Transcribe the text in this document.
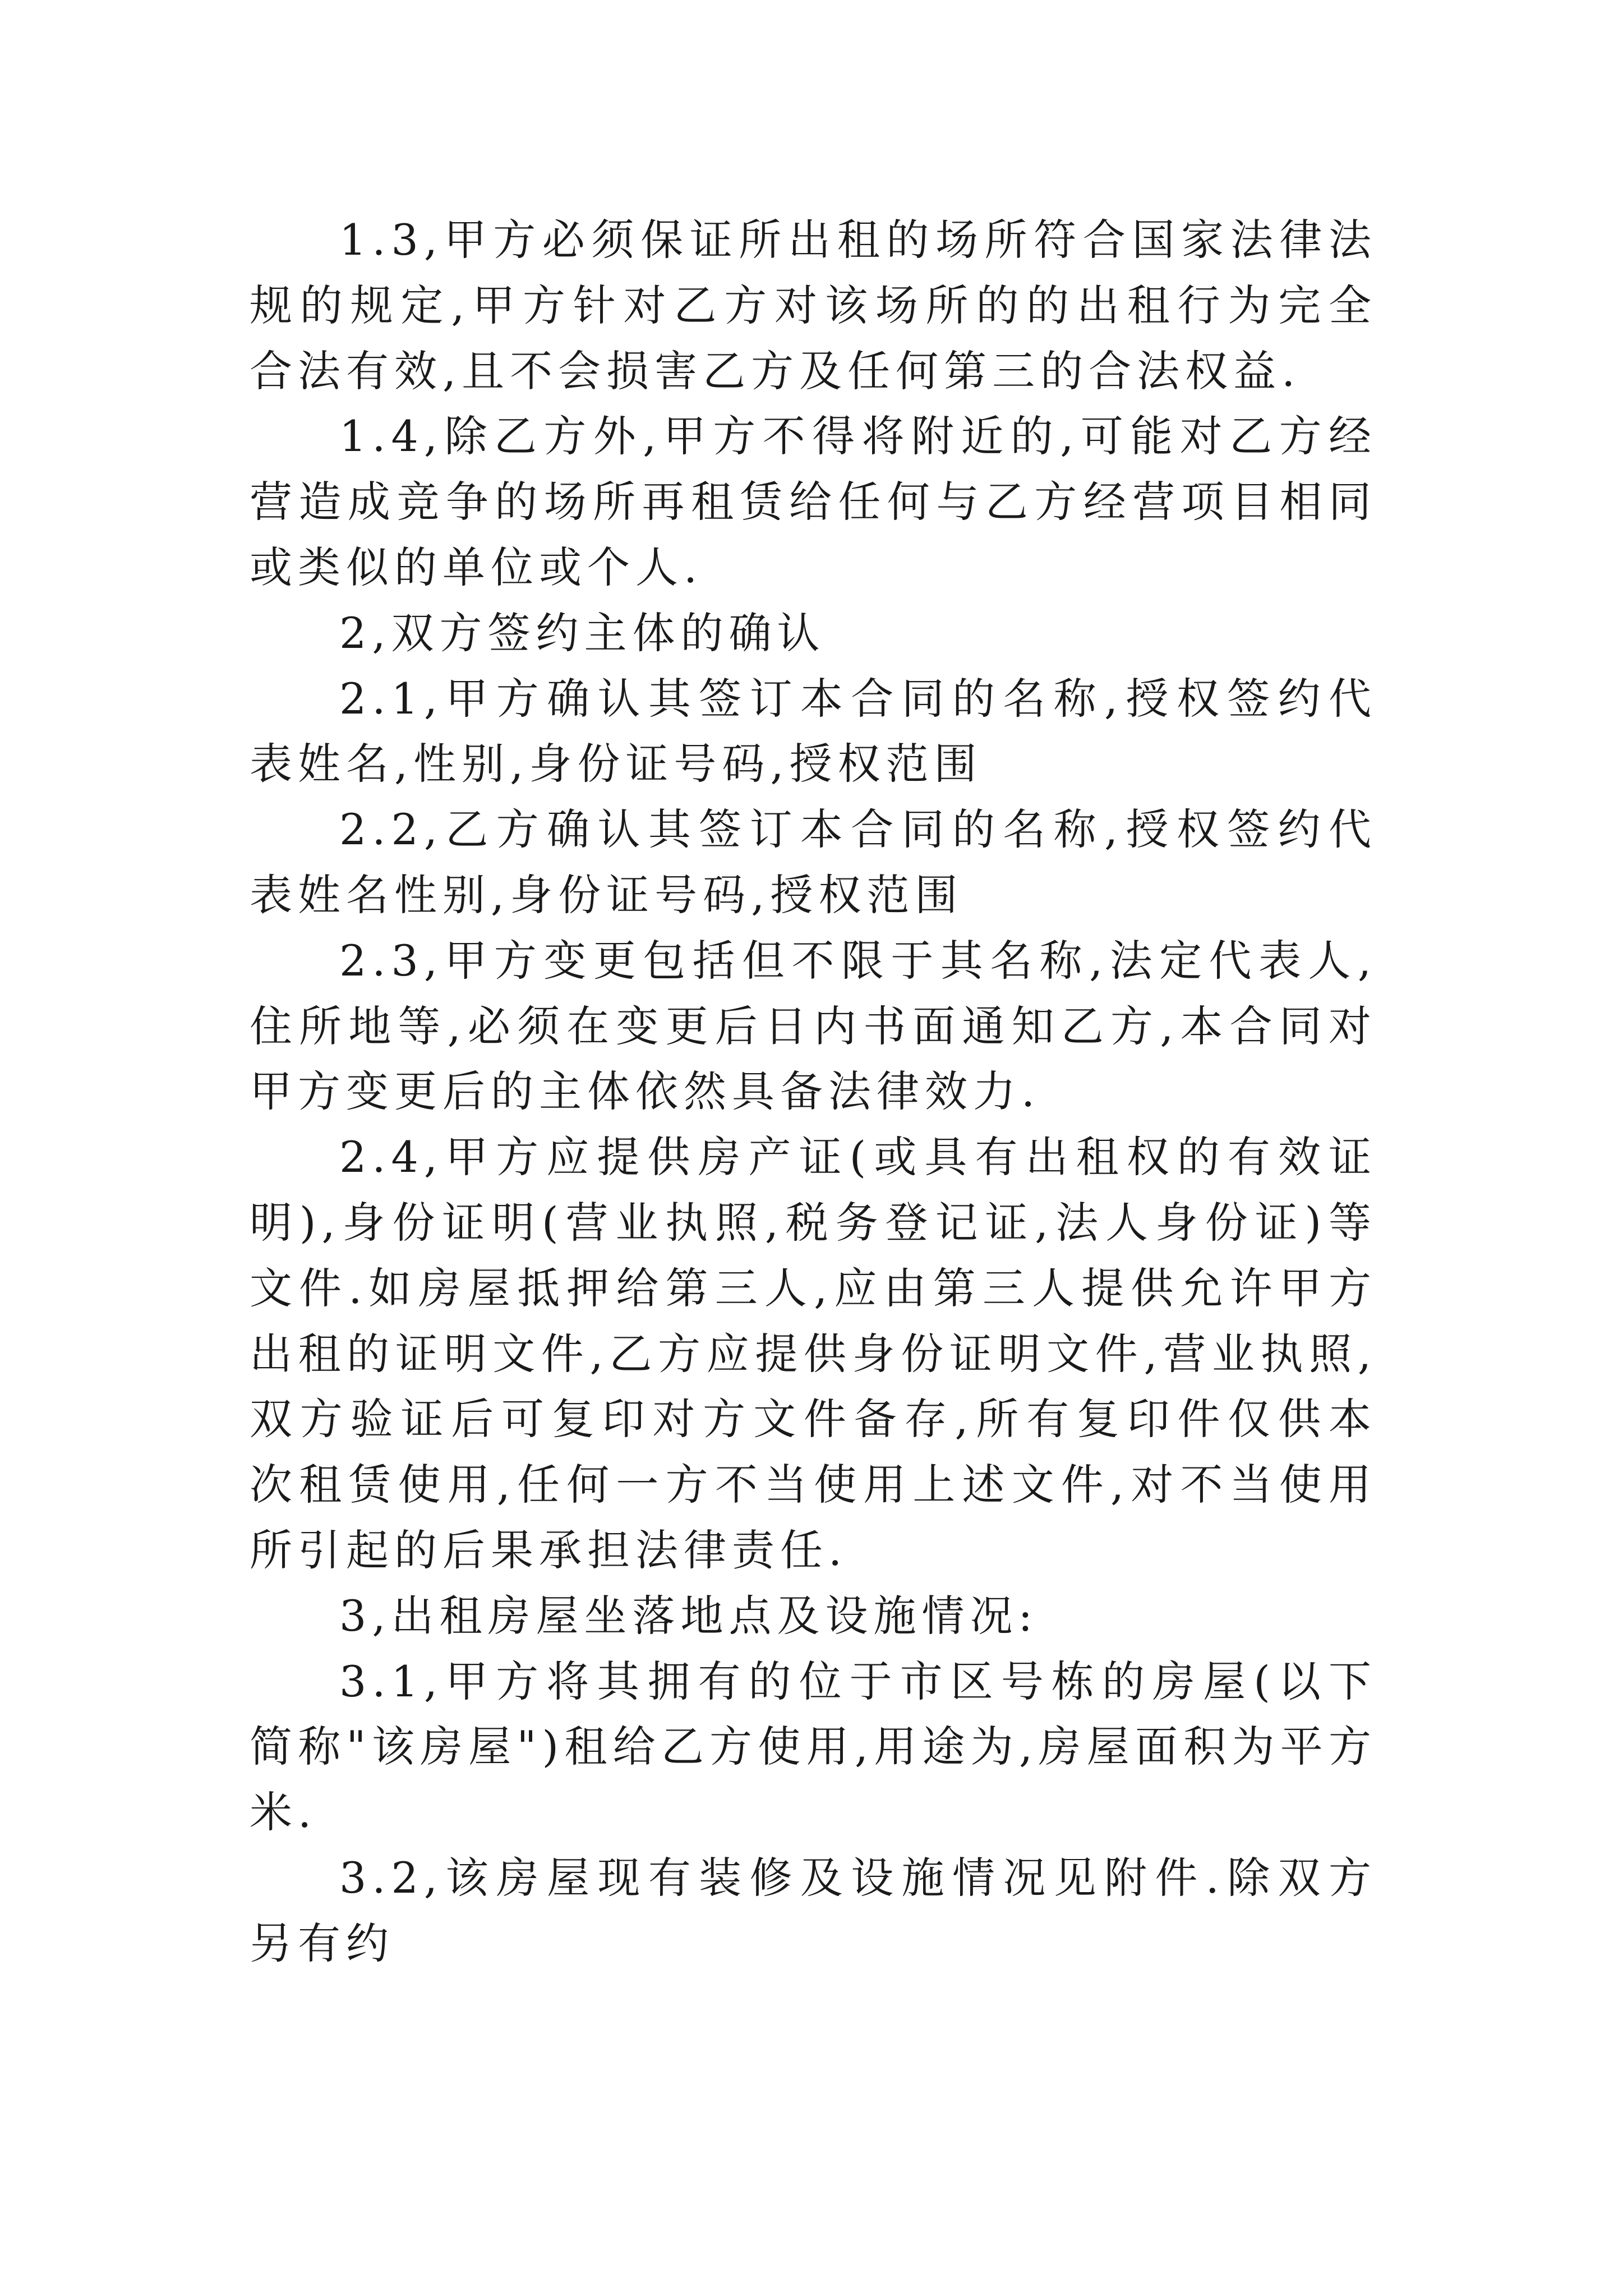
1.3,甲方必须保证所出租的场所符合国家法律法规的规定,甲方针对乙方对该场所的的出租行为完全合法有效,且不会损害乙方及任何第三的合法权益.

1.4,除乙方外,甲方不得将附近的,可能对乙方经营造成竞争的场所再租赁给任何与乙方经营项目相同或类似的单位或个人.

2,双方签约主体的确认

2.1,甲方确认其签订本合同的名称,授权签约代表姓名,性别,身份证号码,授权范围

2.2,乙方确认其签订本合同的名称,授权签约代表姓名性别,身份证号码,授权范围

2.3,甲方变更包括但不限于其名称,法定代表人,住所地等,必须在变更后日内书面通知乙方,本合同对甲方变更后的主体依然具备法律效力.

2.4,甲方应提供房产证(或具有出租权的有效证明),身份证明(营业执照,税务登记证,法人身份证)等文件.如房屋抵押给第三人,应由第三人提供允许甲方出租的证明文件,乙方应提供身份证明文件,营业执照,双方验证后可复印对方文件备存,所有复印件仅供本次租赁使用,任何一方不当使用上述文件,对不当使用所引起的后果承担法律责任.

3,出租房屋坐落地点及设施情况:

3.1,甲方将其拥有的位于市区号栋的房屋(以下简称"该房屋")租给乙方使用,用途为,房屋面积为平方米.

3.2,该房屋现有装修及设施情况见附件.除双方另有约
